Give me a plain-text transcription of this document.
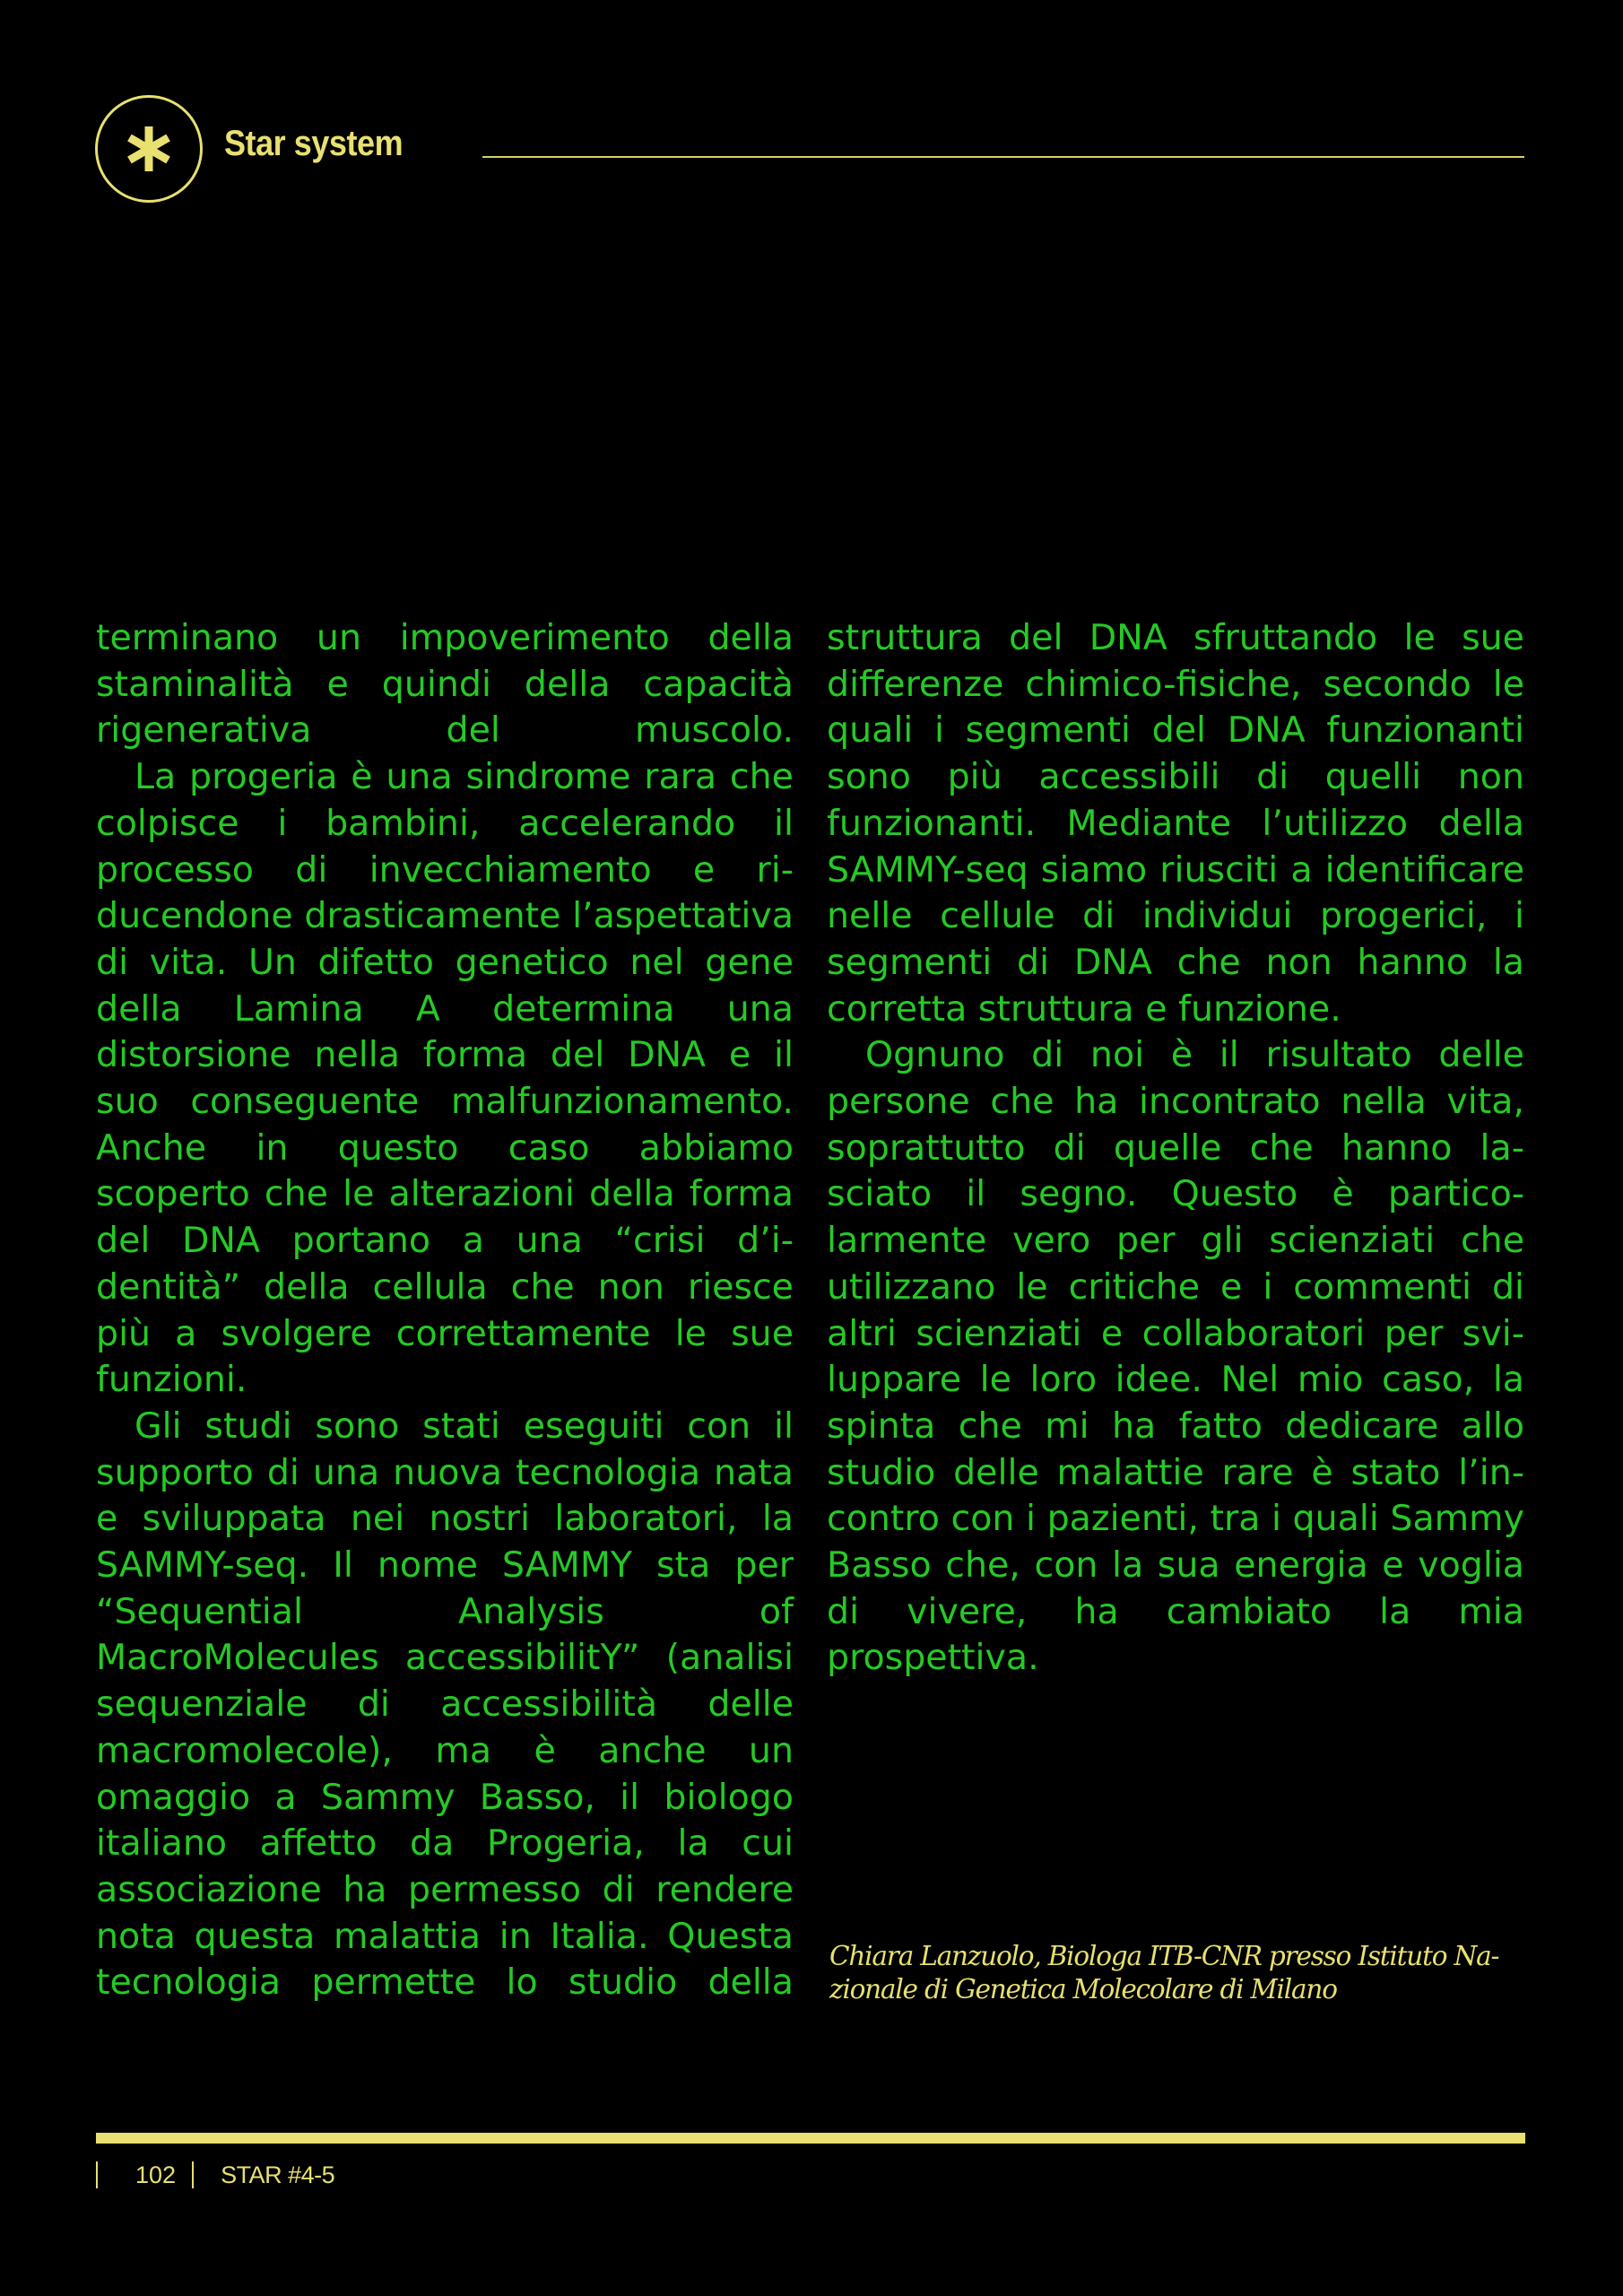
Star system

terminano un impoverimento della staminalità e quindi della capacità rigenerativa del muscolo.

La progeria è una sindrome rara che colpisce i bambini, accelerando il processo di invecchiamento e riducendone drasticamente l’aspettativa di vita. Un difetto genetico nel gene della Lamina A determina una distorsione nella forma del DNA e il suo conseguente malfunzionamento. Anche in questo caso abbiamo scoperto che le alterazioni della forma del DNA portano a una “crisi d’identità” della cellula che non riesce più a svolgere correttamente le sue funzioni.

Gli studi sono stati eseguiti con il supporto di una nuova tecnologia nata e sviluppata nei nostri laboratori, la SAMMY-seq. Il nome SAMMY sta per “Sequential Analysis of MacroMolecules accessibilitY” (analisi sequenziale di accessibilità delle macromolecole), ma è anche un omaggio a Sammy Basso, il biologo italiano affetto da Progeria, la cui associazione ha permesso di rendere nota questa malattia in Italia. Questa tecnologia permette lo studio della

struttura del DNA sfruttando le sue differenze chimico-fisiche, secondo le quali i segmenti del DNA funzionanti sono più accessibili di quelli non funzionanti. Mediante l’utilizzo della SAMMY-seq siamo riusciti a identificare nelle cellule di individui progerici, i segmenti di DNA che non hanno la corretta struttura e funzione.

Ognuno di noi è il risultato delle persone che ha incontrato nella vita, soprattutto di quelle che hanno lasciato il segno. Questo è particolarmente vero per gli scienziati che utilizzano le critiche e i commenti di altri scienziati e collaboratori per sviluppare le loro idee. Nel mio caso, la spinta che mi ha fatto dedicare allo studio delle malattie rare è stato l’incontro con i pazienti, tra i quali Sammy Basso che, con la sua energia e voglia di vivere, ha cambiato la mia prospettiva.

Chiara Lanzuolo, Biologa ITB-CNR presso Istituto Nazionale di Genetica Molecolare di Milano
102 STAR #4-5
